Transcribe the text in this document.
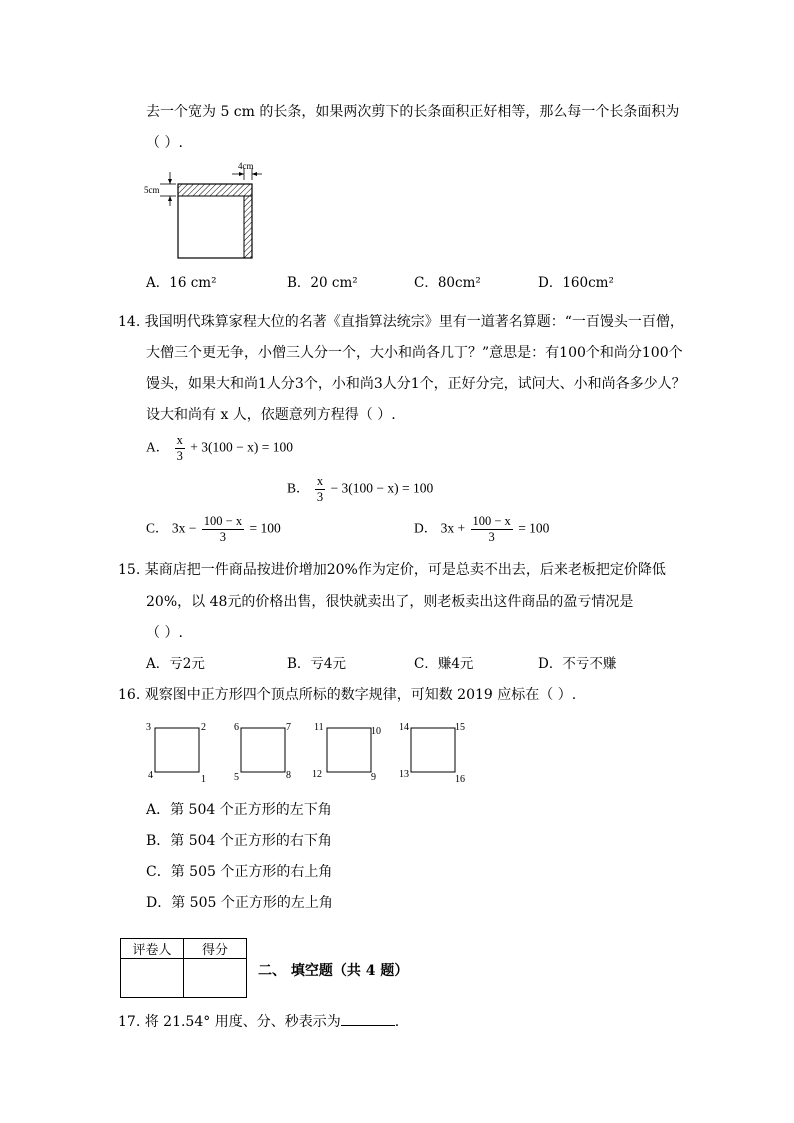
去一个宽为 5 cm 的长条，如果两次剪下的长条面积正好相等，那么每一个长条面积为
（ ）.
4cm
5cm
A．16 cm²	B．20 cm²	C．80cm²	D．160cm²
14. 我国明代珠算家程大位的名著《直指算法统宗》里有一道著名算题：“一百馒头一百僧，
大僧三个更无争，小僧三人分一个，大小和尚各几丁？”意思是：有100个和尚分100个
馒头，如果大和尚1人分3个，小和尚3人分1个，正好分完，试问大、小和尚各多少人？
设大和尚有 x 人，依题意列方程得（ ）.
A． $\frac{x}{3} + 3(100 - x) = 100$
B． $\frac{x}{3} - 3(100 - x) = 100$
C． $3x - \frac{100 - x}{3} = 100$	D． $3x + \frac{100 - x}{3} = 100$
15. 某商店把一件商品按进价增加20%作为定价，可是总卖不出去，后来老板把定价降低
20%，以 48元的价格出售，很快就卖出了，则老板卖出这件商品的盈亏情况是
（ ）.
A．亏2元	B．亏4元	C．赚4元	D．不亏不赚
16. 观察图中正方形四个顶点所标的数字规律，可知数 2019 应标在（ ）.
3	2
4	1
6	7
5	8
11	10
12	9
14	15
13	16
A．第 504 个正方形的左下角
B．第 504 个正方形的右下角
C．第 505 个正方形的右上角
D．第 505 个正方形的左上角
评卷人	得分

二、 填空题（共 4 题）
17. 将 21.54° 用度、分、秒表示为	.
